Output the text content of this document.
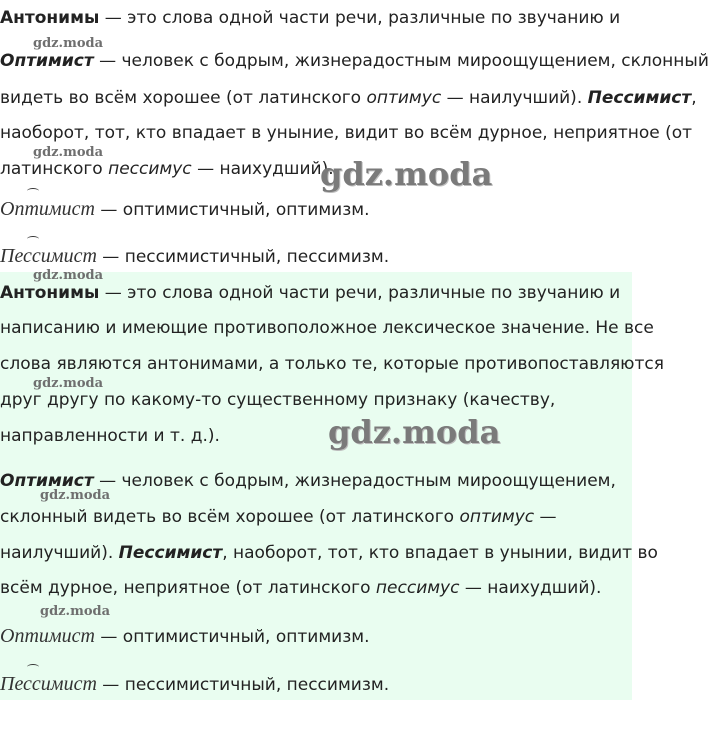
Антонимы — это слова одной части речи, различные по звучанию и
Оптимист — человек с бодрым, жизнерадостным мироощущением, склонный
видеть во всём хорошее (от латинского оптимус — наилучший). Пессимист,
наоборот, тот, кто впадает в уныние, видит во всём дурное, неприятное (от
латинского пессимус — наихудший).
Оптимист — оптимистичный, оптимизм.
Пессимист — пессимистичный, пессимизм.
Антонимы — это слова одной части речи, различные по звучанию и
написанию и имеющие противоположное лексическое значение. Не все
слова являются антонимами, а только те, которые противопоставляются
друг другу по какому-то существенному признаку (качеству,
направленности и т. д.).
Оптимист — человек с бодрым, жизнерадостным мироощущением,
склонный видеть во всём хорошее (от латинского оптимус —
наилучший). Пессимист, наоборот, тот, кто впадает в унынии, видит во
всём дурное, неприятное (от латинского пессимус — наихудший).
Оптимист — оптимистичный, оптимизм.
Пессимист — пессимистичный, пессимизм.
gdz.moda
gdz.moda
gdz.moda
gdz.moda
gdz.moda
gdz.moda
gdz.moda
gdz.moda
